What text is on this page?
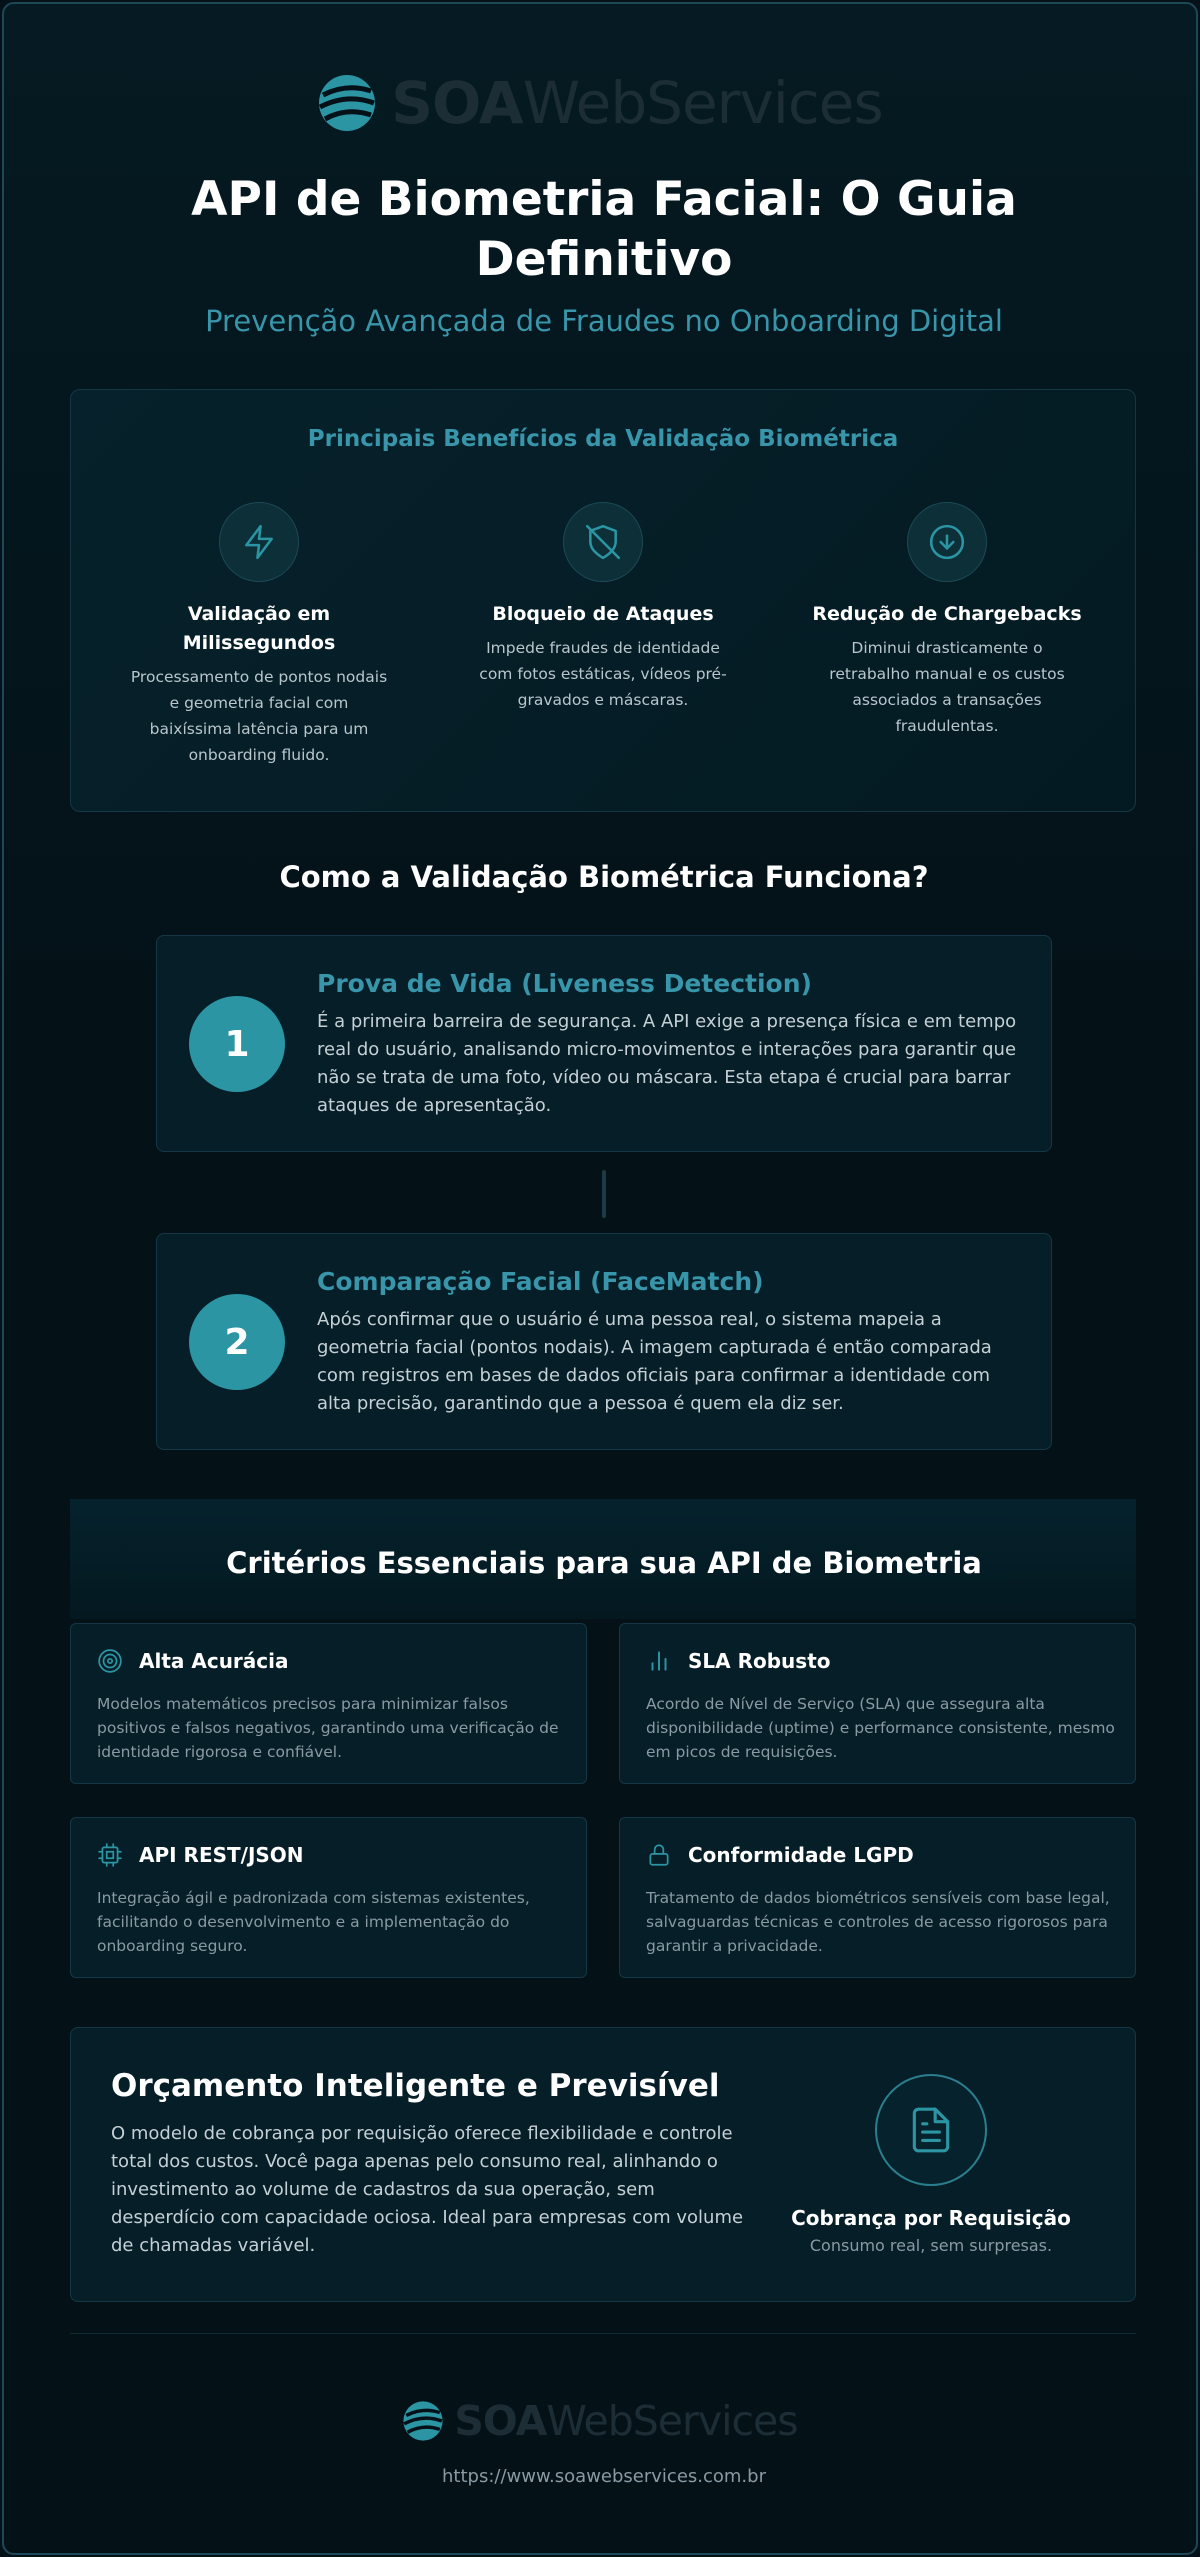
SOAWebServices
API de Biometria Facial: O Guia Definitivo
Prevenção Avançada de Fraudes no Onboarding Digital
Principais Benefícios da Validação Biométrica
Validação em Milissegundos

Processamento de pontos nodais e geometria facial com baixíssima latência para um onboarding fluido.

Bloqueio de Ataques

Impede fraudes de identidade com fotos estáticas, vídeos pré-gravados e máscaras.

Redução de Chargebacks

Diminui drasticamente o retrabalho manual e os custos associados a transações fraudulentas.

Como a Validação Biométrica Funciona?
1
Prova de Vida (Liveness Detection)

É a primeira barreira de segurança. A API exige a presença física e em tempo real do usuário, analisando micro-movimentos e interações para garantir que não se trata de uma foto, vídeo ou máscara. Esta etapa é crucial para barrar ataques de apresentação.

2
Comparação Facial (FaceMatch)

Após confirmar que o usuário é uma pessoa real, o sistema mapeia a geometria facial (pontos nodais). A imagem capturada é então comparada com registros em bases de dados oficiais para confirmar a identidade com alta precisão, garantindo que a pessoa é quem ela diz ser.

Critérios Essenciais para sua API de Biometria
Alta Acurácia

Modelos matemáticos precisos para minimizar falsos positivos e falsos negativos, garantindo uma verificação de identidade rigorosa e confiável.

SLA Robusto

Acordo de Nível de Serviço (SLA) que assegura alta disponibilidade (uptime) e performance consistente, mesmo em picos de requisições.

API REST/JSON

Integração ágil e padronizada com sistemas existentes, facilitando o desenvolvimento e a implementação do onboarding seguro.

Conformidade LGPD

Tratamento de dados biométricos sensíveis com base legal, salvaguardas técnicas e controles de acesso rigorosos para garantir a privacidade.

Orçamento Inteligente e Previsível

O modelo de cobrança por requisição oferece flexibilidade e controle total dos custos. Você paga apenas pelo consumo real, alinhando o investimento ao volume de cadastros da sua operação, sem desperdício com capacidade ociosa. Ideal para empresas com volume de chamadas variável.

Cobrança por Requisição
Consumo real, sem surpresas.
SOAWebServices
https://www.soawebservices.com.br
